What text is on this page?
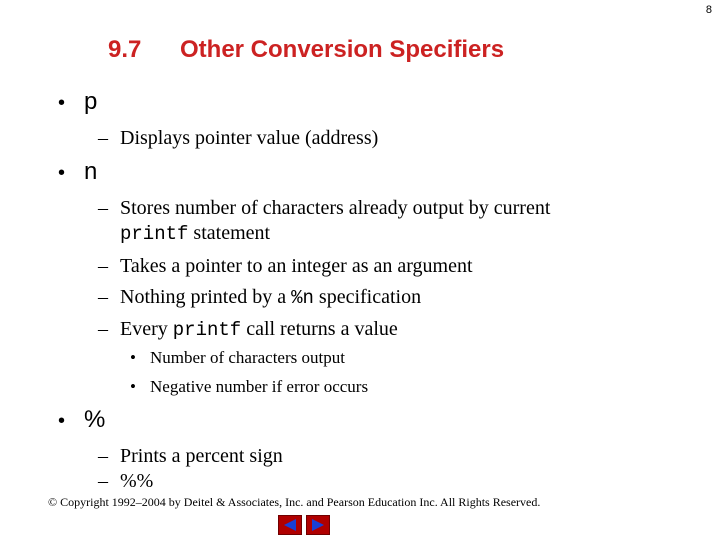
8
9.7 Other Conversion Specifiers
• p
– Displays pointer value (address)
• n
– Stores number of characters already output by current
printf statement
– Takes a pointer to an integer as an argument
– Nothing printed by a %n specification
– Every printf call returns a value
• Number of characters output
• Negative number if error occurs
• %
– Prints a percent sign
– %%
© Copyright 1992–2004 by Deitel & Associates, Inc. and Pearson Education Inc. All Rights Reserved.
